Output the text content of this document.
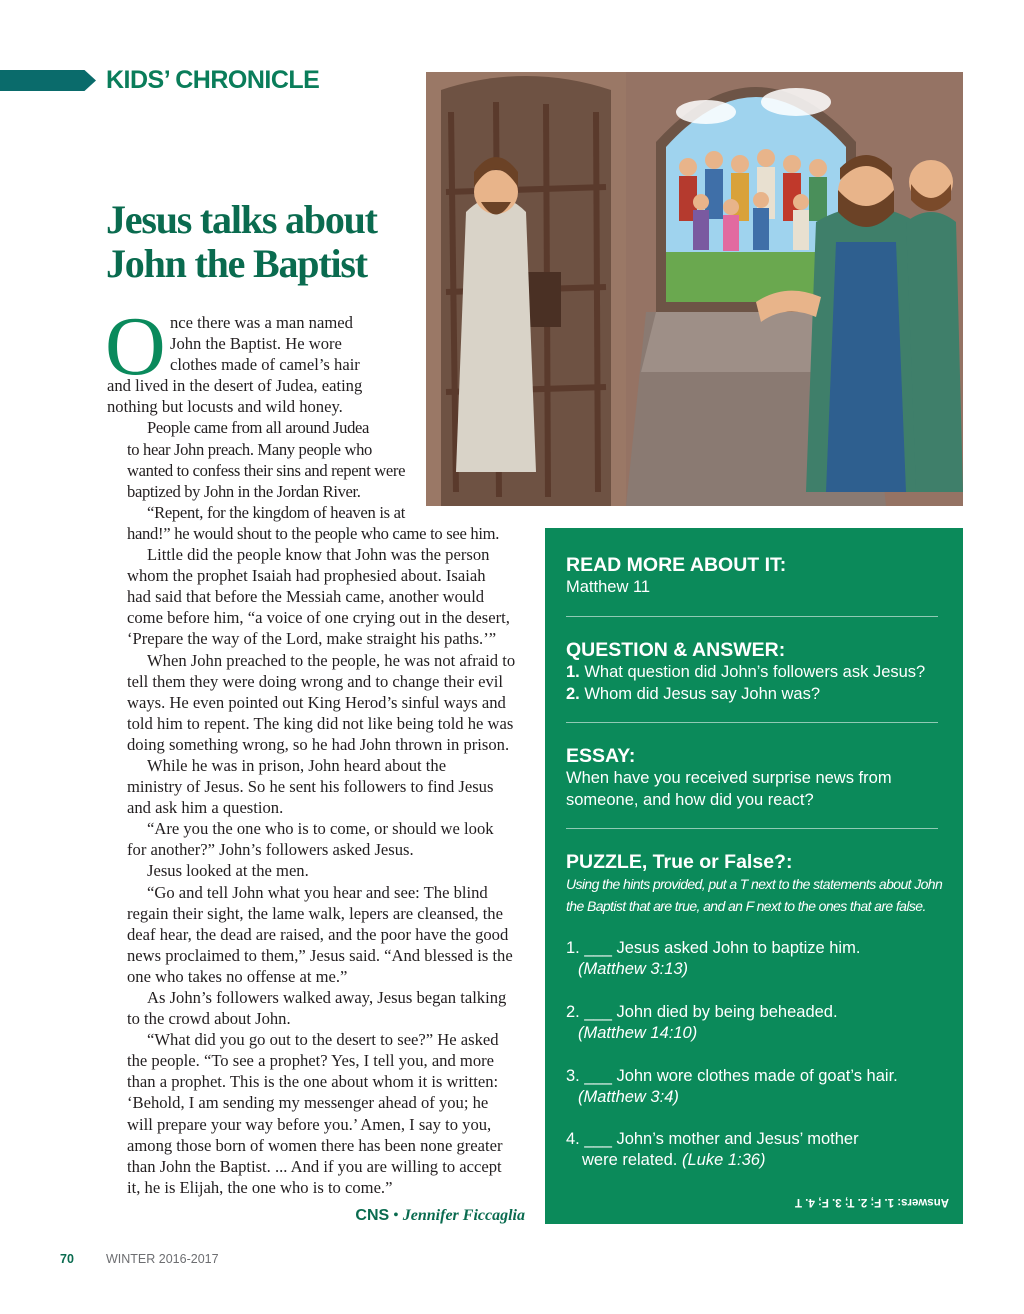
KIDS’ CHRONICLE
Jesus talks about
John the Baptist
O nce there was a man named
John the Baptist. He wore
clothes made of camel’s hair
and lived in the desert of Judea, eating
nothing but locusts and wild honey.

People came from all around Judea
to hear John preach. Many people who
wanted to confess their sins and repent were
baptized by John in the Jordan River.

“Repent, for the kingdom of heaven is at
hand!” he would shout to the people who came to see him.

Little did the people know that John was the person
whom the prophet Isaiah had prophesied about. Isaiah
had said that before the Messiah came, another would
come before him, “a voice of one crying out in the desert,
‘Prepare the way of the Lord, make straight his paths.’”

When John preached to the people, he was not afraid to
tell them they were doing wrong and to change their evil
ways. He even pointed out King Herod’s sinful ways and
told him to repent. The king did not like being told he was
doing something wrong, so he had John thrown in prison.

While he was in prison, John heard about the
ministry of Jesus. So he sent his followers to find Jesus
and ask him a question.

“Are you the one who is to come, or should we look
for another?” John’s followers asked Jesus.

Jesus looked at the men.

“Go and tell John what you hear and see: The blind
regain their sight, the lame walk, lepers are cleansed, the
deaf hear, the dead are raised, and the poor have the good
news proclaimed to them,” Jesus said. “And blessed is the
one who takes no offense at me.”

As John’s followers walked away, Jesus began talking
to the crowd about John.

“What did you go out to the desert to see?” He asked
the people. “To see a prophet? Yes, I tell you, and more
than a prophet. This is the one about whom it is written:
‘Behold, I am sending my messenger ahead of you; he
will prepare your way before you.’ Amen, I say to you,
among those born of women there has been none greater
than John the Baptist. ... And if you are willing to accept
it, he is Elijah, the one who is to come.”

CNS • Jennifer Ficcaglia
READ MORE ABOUT IT:
Matthew 11
QUESTION & ANSWER:
1. What question did John’s followers ask Jesus?
2. Whom did Jesus say John was?
ESSAY:
When have you received surprise news from
someone, and how did you react?
PUZZLE, True or False?:
Using the hints provided, put a T next to the statements about John
the Baptist that are true, and an F next to the ones that are false.
1. ___ Jesus asked John to baptize him.
(Matthew 3:13)
2. ___ John died by being beheaded.
(Matthew 14:10)
3. ___ John wore clothes made of goat’s hair.
(Matthew 3:4)
4. ___ John’s mother and Jesus’ mother
were related. (Luke 1:36)
Answers: 1. F; 2. T; 3. F; 4. T
70	WINTER 2016-2017
